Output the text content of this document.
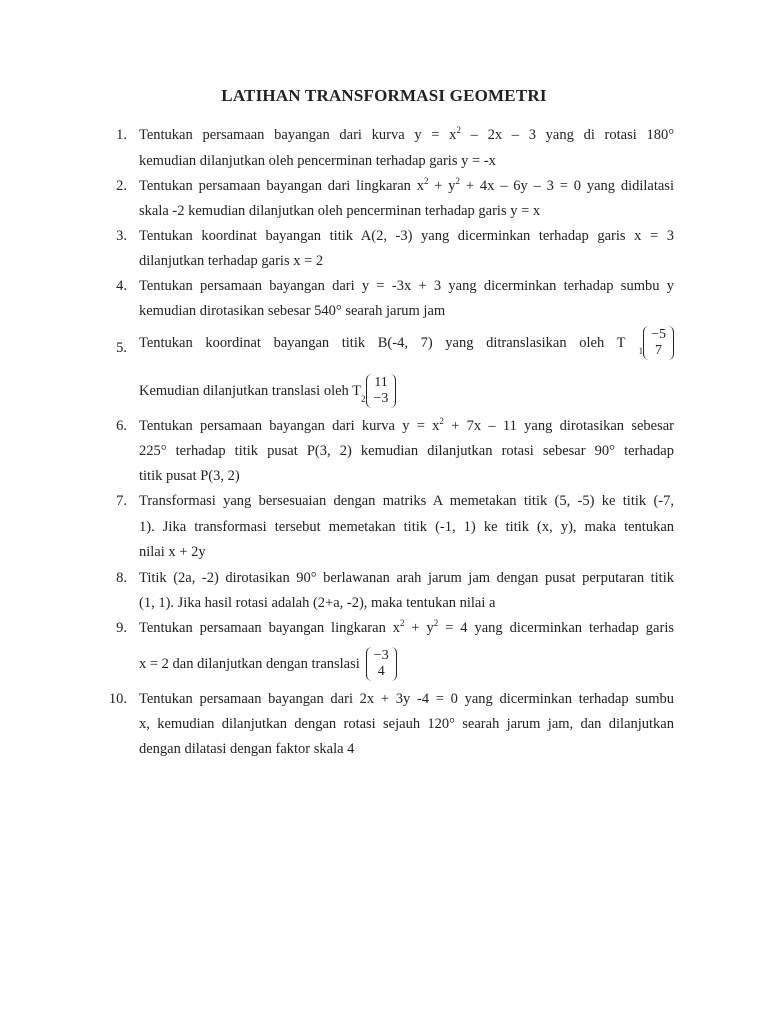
LATIHAN TRANSFORMASI GEOMETRI
1. Tentukan persamaan bayangan dari kurva $y = x^2 - 2x - 3$ yang di rotasi 180°
kemudian dilanjutkan oleh pencerminan terhadap garis y = -x
2. Tentukan persamaan bayangan dari lingkaran $x^2 + y^2 + 4x - 6y - 3 = 0$ yang didilatasi
skala -2 kemudian dilanjutkan oleh pencerminan terhadap garis y = x
3. Tentukan koordinat bayangan titik A(2, -3) yang dicerminkan terhadap garis x = 3
dilanjutkan terhadap garis x = 2
4. Tentukan persamaan bayangan dari y = -3x + 3 yang dicerminkan terhadap sumbu y
kemudian dirotasikan sebesar 540° searah jarum jam
5. Tentukan koordinat bayangan titik B(-4, 7) yang ditranslasikan oleh T $_1$
−5
7
Kemudian dilanjutkan translasi oleh T $_2$
11
−3
6. Tentukan persamaan bayangan dari kurva $y = x^2 + 7x - 11$ yang dirotasikan sebesar
225° terhadap titik pusat P(3, 2) kemudian dilanjutkan rotasi sebesar 90° terhadap
titik pusat P(3, 2)
7. Transformasi yang bersesuaian dengan matriks A memetakan titik (5, -5) ke titik (-7,
1). Jika transformasi tersebut memetakan titik (-1, 1) ke titik (x, y), maka tentukan
nilai x + 2y
8. Titik (2a, -2) dirotasikan 90° berlawanan arah jarum jam dengan pusat perputaran titik
(1, 1). Jika hasil rotasi adalah (2+a, -2), maka tentukan nilai a
9. Tentukan persamaan bayangan lingkaran $x^2 + y^2 = 4$ yang dicerminkan terhadap garis
x = 2 dan dilanjutkan dengan translasi −3
4
10. Tentukan persamaan bayangan dari 2x + 3y -4 = 0 yang dicerminkan terhadap sumbu
x, kemudian dilanjutkan dengan rotasi sejauh 120° searah jarum jam, dan dilanjutkan
dengan dilatasi dengan faktor skala 4
